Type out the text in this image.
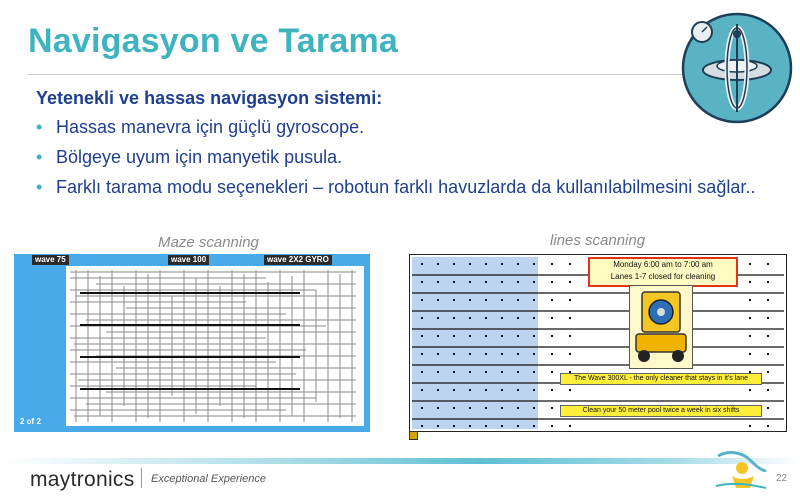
Navigasyon ve Tarama
Yetenekli ve hassas navigasyon sistemi:
• Hassas manevra için güçlü gyroscope.
• Bölgeye uyum için manyetik pusula.
• Farklı tarama modu seçenekleri – robotun farklı havuzlarda da kullanılabilmesini sağlar..
Maze scanning	lines scanning
wave 75	wave 100	wave 2X2 GYRO
2 of 2
Monday 6:00 am to 7:00 am
Lanes 1-7 closed for cleaning
The Wave 300XL - the only cleaner that stays in it's lane
Clean your 50 meter pool twice a week in six shifts
maytronics Exceptional Experience	22
